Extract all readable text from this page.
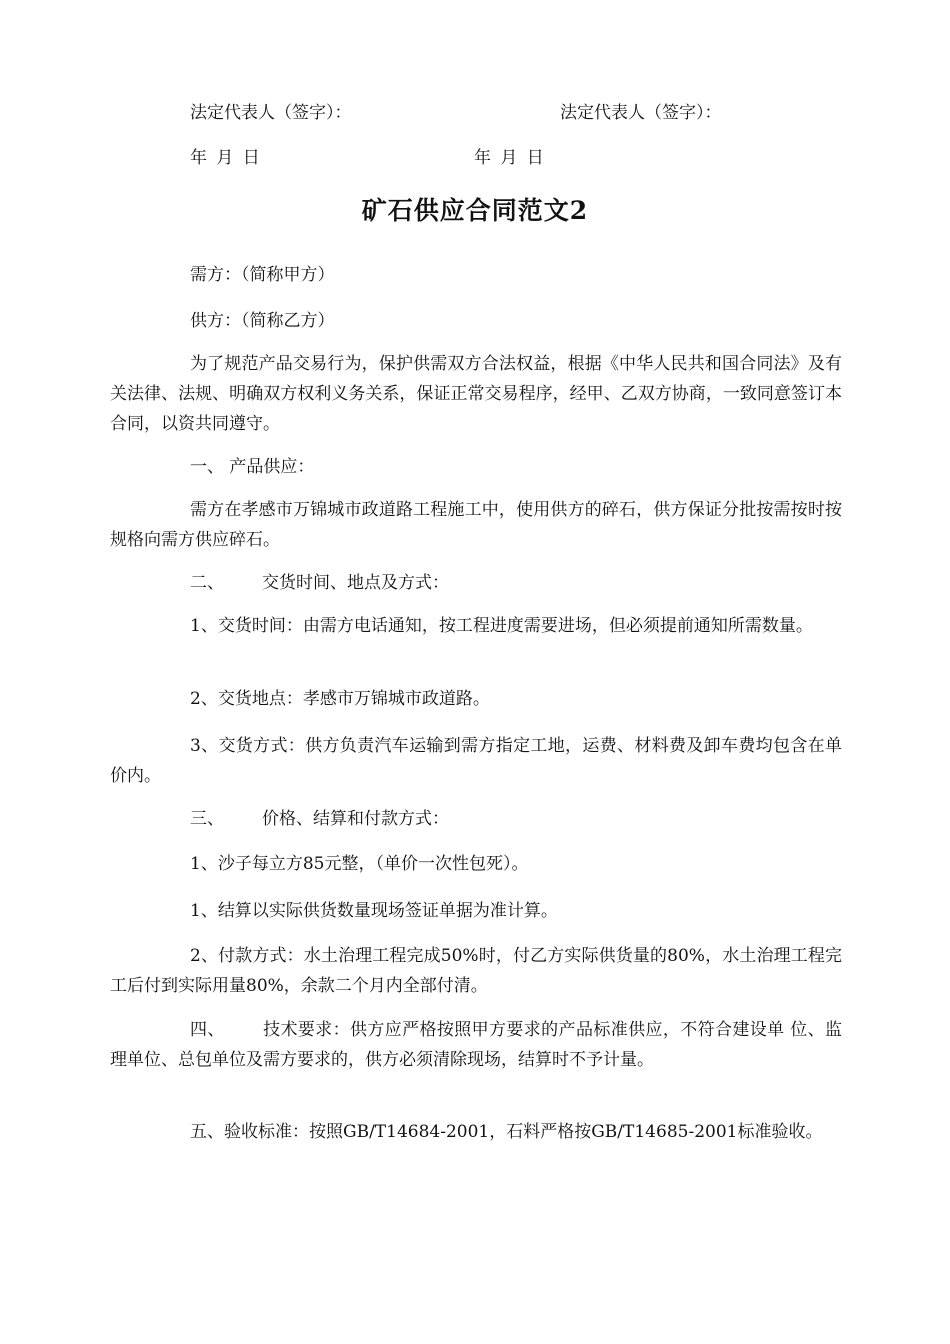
法定代表人（签字）：	法定代表人（签字）：
年 月 日	年 月 日
矿石供应合同范文2
需方：（简称甲方）
供方：（简称乙方）
为了规范产品交易行为，保护供需双方合法权益，根据《中华人民共和国合同法》及有关法律、法规、明确双方权利义务关系，保证正常交易程序，经甲、乙双方协商，一致同意签订本合同，以资共同遵守。
一、 产品供应：
需方在孝感市万锦城市政道路工程施工中，使用供方的碎石，供方保证分批按需按时按规格向需方供应碎石。
二、 交货时间、地点及方式：
1、交货时间：由需方电话通知，按工程进度需要进场，但必须提前通知所需数量。
2、交货地点：孝感市万锦城市政道路。
3、交货方式：供方负责汽车运输到需方指定工地，运费、材料费及卸车费均包含在单价内。
三、 价格、结算和付款方式：
1、沙子每立方85元整，（单价一次性包死）。
1、结算以实际供货数量现场签证单据为准计算。
2、付款方式：水土治理工程完成50%时，付乙方实际供货量的80%，水土治理工程完工后付到实际用量80%，余款二个月内全部付清。
四、 技术要求：供方应严格按照甲方要求的产品标准供应，不符合建设单 位、监理单位、总包单位及需方要求的，供方必须清除现场，结算时不予计量。
五、验收标准：按照GB/T14684-2001，石料严格按GB/T14685-2001标准验收。
